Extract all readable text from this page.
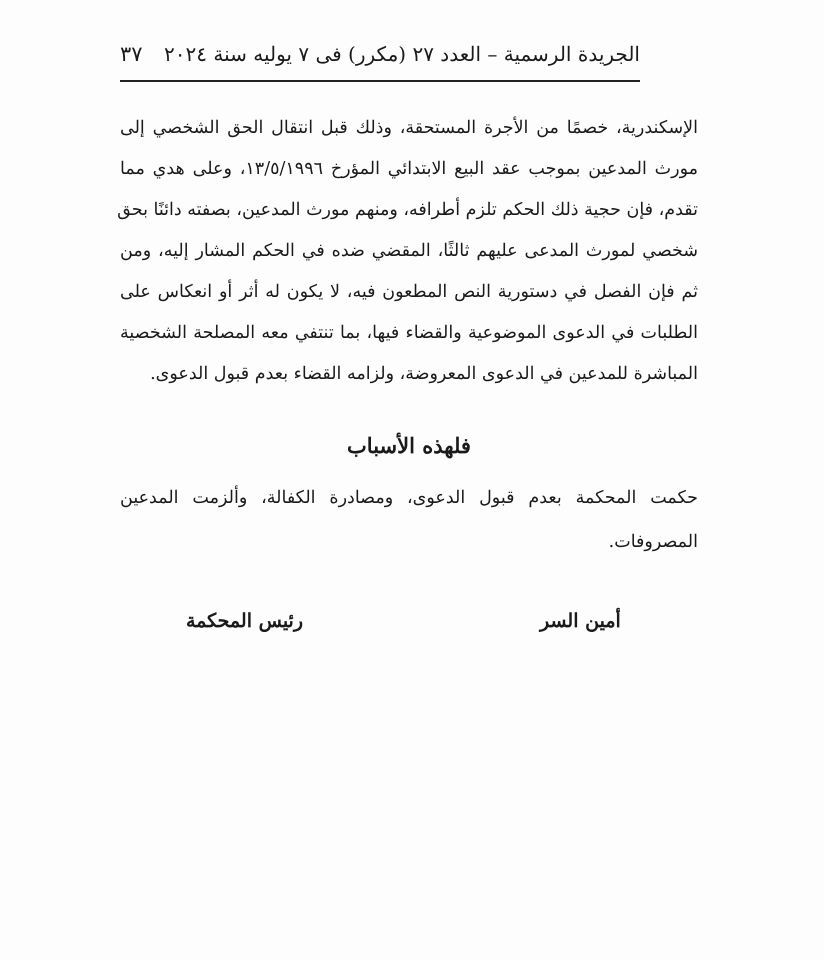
الجريدة الرسمية – العدد ٢٧ (مكرر) فى ٧ يوليه سنة ٢٠٢٤
٣٧
الإسكندرية، خصمًا من الأجرة المستحقة، وذلك قبل انتقال الحق الشخصي إلى
مورث المدعين بموجب عقد البيع الابتدائي المؤرخ ١٣/٥/١٩٩٦، وعلى هدي مما
تقدم، فإن حجية ذلك الحكم تلزم أطرافه، ومنهم مورث المدعين، بصفته دائنًا بحق
شخصي لمورث المدعى عليهم ثالثًا، المقضي ضده في الحكم المشار إليه، ومن
ثم فإن الفصل في دستورية النص المطعون فيه، لا يكون له أثر أو انعكاس على
الطلبات في الدعوى الموضوعية والقضاء فيها، بما تنتفي معه المصلحة الشخصية
المباشرة للمدعين في الدعوى المعروضة، ولزامه القضاء بعدم قبول الدعوى.
فلهذه الأسباب
حكمت المحكمة بعدم قبول الدعوى، ومصادرة الكفالة، وألزمت المدعين
المصروفات.
أمين السر
رئيس المحكمة
